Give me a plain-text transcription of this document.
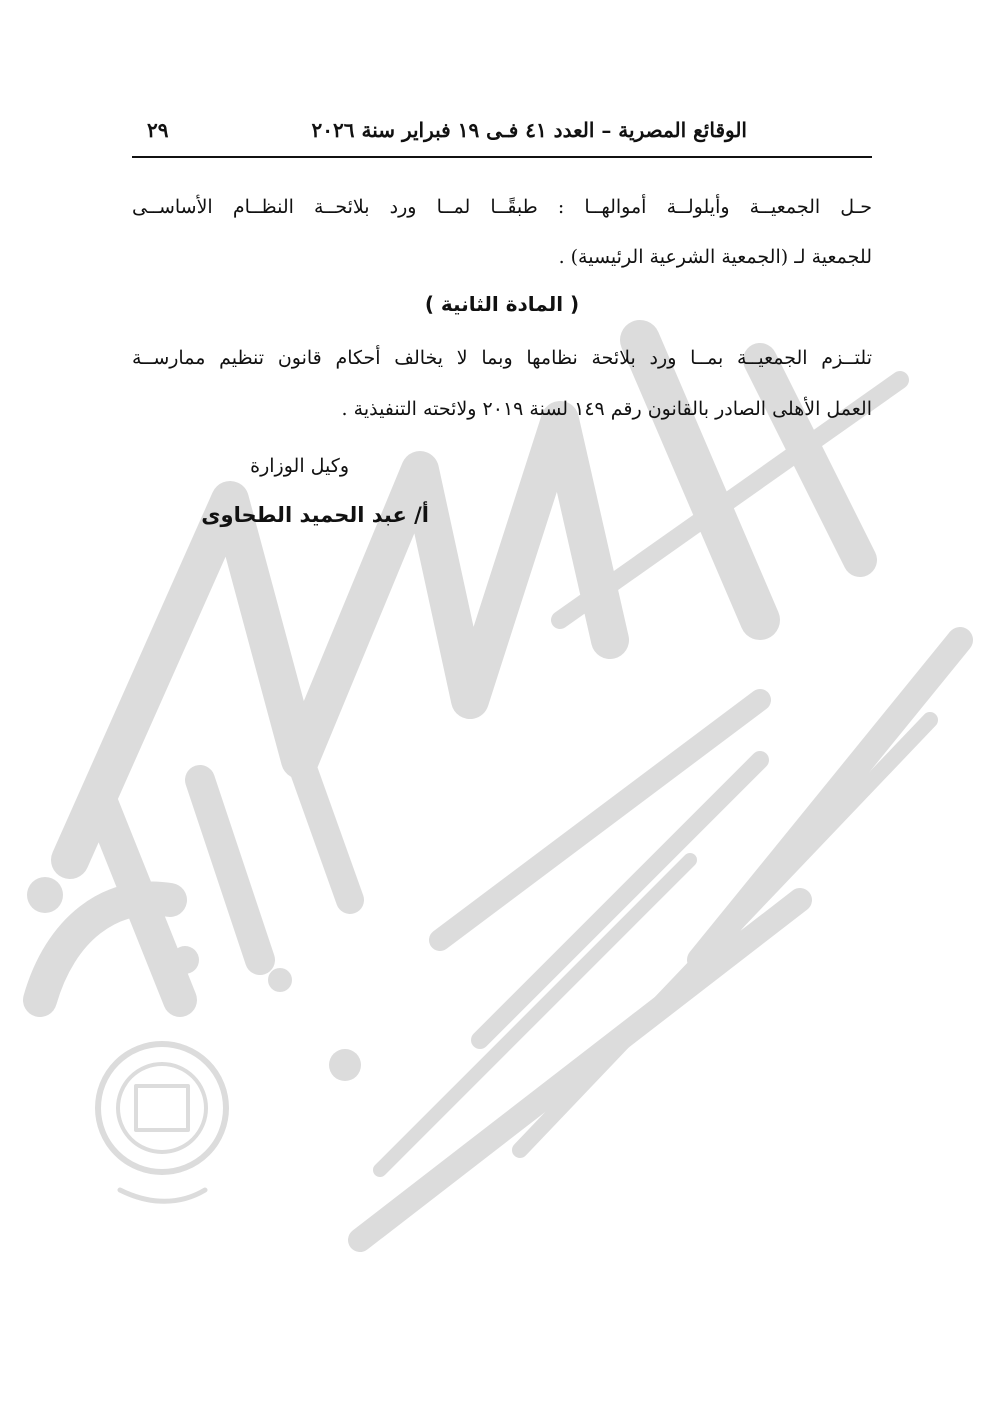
الوقائع المصرية – العدد ٤١ فـى ١٩ فبراير سنة ٢٠٢٦
٢٩
حـل الجمعيــة وأيلولــة أموالهــا : طبقًــا لمــا ورد بلائحــة النظــام الأساســى
للجمعية لـ (الجمعية الشرعية الرئيسية) .
( المادة الثانية )
تلتــزم الجمعيــة بمــا ورد بلائحة نظامها وبما لا يخالف أحكام قانون تنظيم ممارســة
العمل الأهلى الصادر بالقانون رقم ١٤٩ لسنة ٢٠١٩ ولائحته التنفيذية .
وكيل الوزارة
أ/ عبد الحميد الطحاوى
